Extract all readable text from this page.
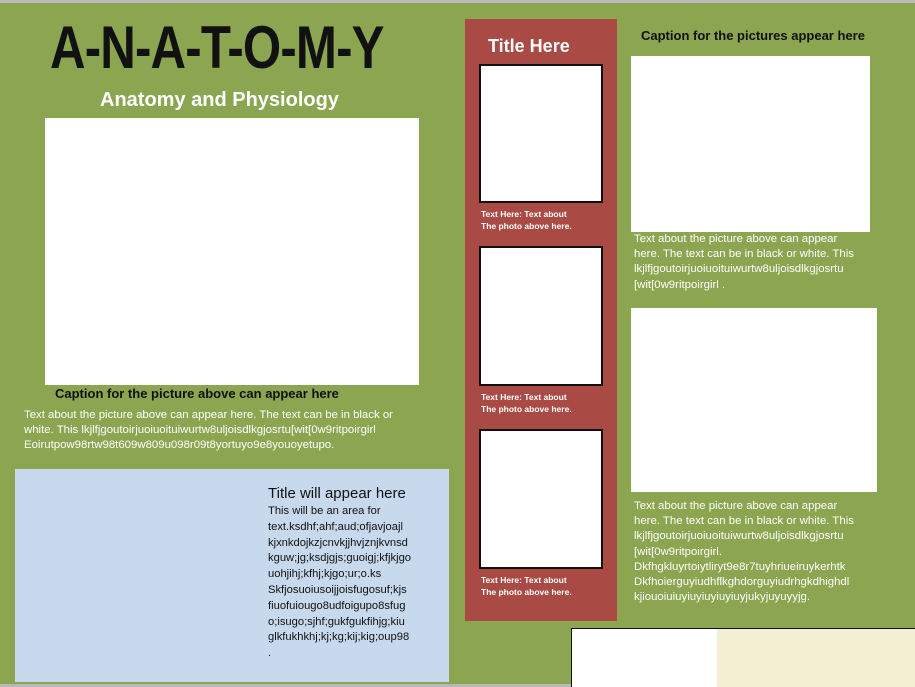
A-N-A-T-O-M-Y
Anatomy and Physiology
Caption for the picture above can appear here
Text about the picture above can appear here. The text can be in black or
white. This lkjlfjgoutoirjuoiuoituiwurtw8uljoisdlkgjosrtu[wit[0w9ritpoirgirl
Eoirutpow98rtw98t609w809u098r09t8yortuyo9e8youoyetupo.
Title will appear here
This will be an area for
text.ksdhf;ahf;aud;ofjavjoajl
kjxnkdojkzjcnvkjjhvjznjkvnsd
kguw;jg;ksdjgjs;guoigj;kfjkjgo
uohjihj;kfhj;kjgo;ur;o.ks
Skfjosuoiusoijjoisfugosuf;kjs
fiuofuiougo8udfoigupo8sfug
o;isugo;sjhf;gukfgukfihjg;kiu
glkfukhkhj;kj;kg;kij;kig;oup98
.
Title Here
Text Here: Text about
The photo above here.
Text Here: Text about
The photo above here.
Text Here: Text about
The photo above here.
Caption for the pictures appear here
Text about the picture above can appear
here. The text can be in black or white. This
lkjlfjgoutoirjuoiuoituiwurtw8uljoisdlkgjosrtu
[wit[0w9ritpoirgirl .
Text about the picture above can appear
here. The text can be in black or white. This
lkjlfjgoutoirjuoiuoituiwurtw8uljoisdlkgjosrtu
[wit[0w9ritpoirgirl.
Dkfhgkluyrtoiytliryt9e8r7tuyhriueiruykerhtk
Dkfhoierguyiudhflkghdorguyiudrhgkdhighdl
kjiouoiuiuyiuyiuyiuyiuyjukyjuyuyyjg.
